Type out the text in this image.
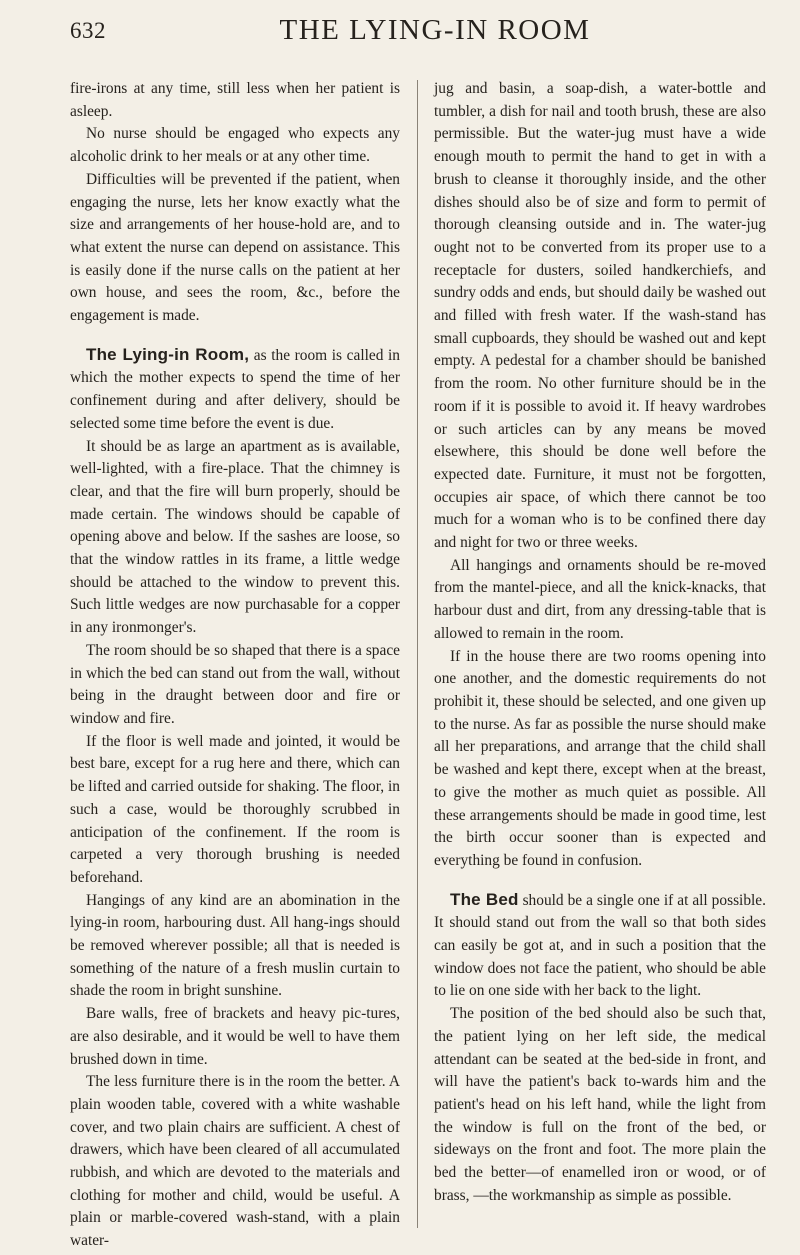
632	THE LYING-IN ROOM

fire-irons at any time, still less when her patient is asleep.

No nurse should be engaged who expects any alcoholic drink to her meals or at any other time.

Difficulties will be prevented if the patient, when engaging the nurse, lets her know exactly what the size and arrangements of her house-hold are, and to what extent the nurse can depend on assistance. This is easily done if the nurse calls on the patient at her own house, and sees the room, &c., before the engagement is made.

The Lying-in Room, as the room is called in which the mother expects to spend the time of her confinement during and after delivery, should be selected some time before the event is due.

It should be as large an apartment as is available, well-lighted, with a fire-place. That the chimney is clear, and that the fire will burn properly, should be made certain. The windows should be capable of opening above and below. If the sashes are loose, so that the window rattles in its frame, a little wedge should be attached to the window to prevent this. Such little wedges are now purchasable for a copper in any ironmonger's.

The room should be so shaped that there is a space in which the bed can stand out from the wall, without being in the draught between door and fire or window and fire.

If the floor is well made and jointed, it would be best bare, except for a rug here and there, which can be lifted and carried outside for shaking. The floor, in such a case, would be thoroughly scrubbed in anticipation of the confinement. If the room is carpeted a very thorough brushing is needed beforehand.

Hangings of any kind are an abomination in the lying-in room, harbouring dust. All hang-ings should be removed wherever possible; all that is needed is something of the nature of a fresh muslin curtain to shade the room in bright sunshine.

Bare walls, free of brackets and heavy pic-tures, are also desirable, and it would be well to have them brushed down in time.

The less furniture there is in the room the better. A plain wooden table, covered with a white washable cover, and two plain chairs are sufficient. A chest of drawers, which have been cleared of all accumulated rubbish, and which are devoted to the materials and clothing for mother and child, would be useful. A plain or marble-covered wash-stand, with a plain water-

jug and basin, a soap-dish, a water-bottle and tumbler, a dish for nail and tooth brush, these are also permissible. But the water-jug must have a wide enough mouth to permit the hand to get in with a brush to cleanse it thoroughly inside, and the other dishes should also be of size and form to permit of thorough cleansing outside and in. The water-jug ought not to be converted from its proper use to a receptacle for dusters, soiled handkerchiefs, and sundry odds and ends, but should daily be washed out and filled with fresh water. If the wash-stand has small cupboards, they should be washed out and kept empty. A pedestal for a chamber should be banished from the room. No other furniture should be in the room if it is possible to avoid it. If heavy wardrobes or such articles can by any means be moved elsewhere, this should be done well before the expected date. Furniture, it must not be forgotten, occupies air space, of which there cannot be too much for a woman who is to be confined there day and night for two or three weeks.

All hangings and ornaments should be re-moved from the mantel-piece, and all the knick-knacks, that harbour dust and dirt, from any dressing-table that is allowed to remain in the room.

If in the house there are two rooms opening into one another, and the domestic requirements do not prohibit it, these should be selected, and one given up to the nurse. As far as possible the nurse should make all her preparations, and arrange that the child shall be washed and kept there, except when at the breast, to give the mother as much quiet as possible. All these arrangements should be made in good time, lest the birth occur sooner than is expected and everything be found in confusion.

The Bed should be a single one if at all possible. It should stand out from the wall so that both sides can easily be got at, and in such a position that the window does not face the patient, who should be able to lie on one side with her back to the light.

The position of the bed should also be such that, the patient lying on her left side, the medical attendant can be seated at the bed-side in front, and will have the patient's back to-wards him and the patient's head on his left hand, while the light from the window is full on the front of the bed, or sideways on the front and foot. The more plain the bed the better—of enamelled iron or wood, or of brass, —the workmanship as simple as possible.
